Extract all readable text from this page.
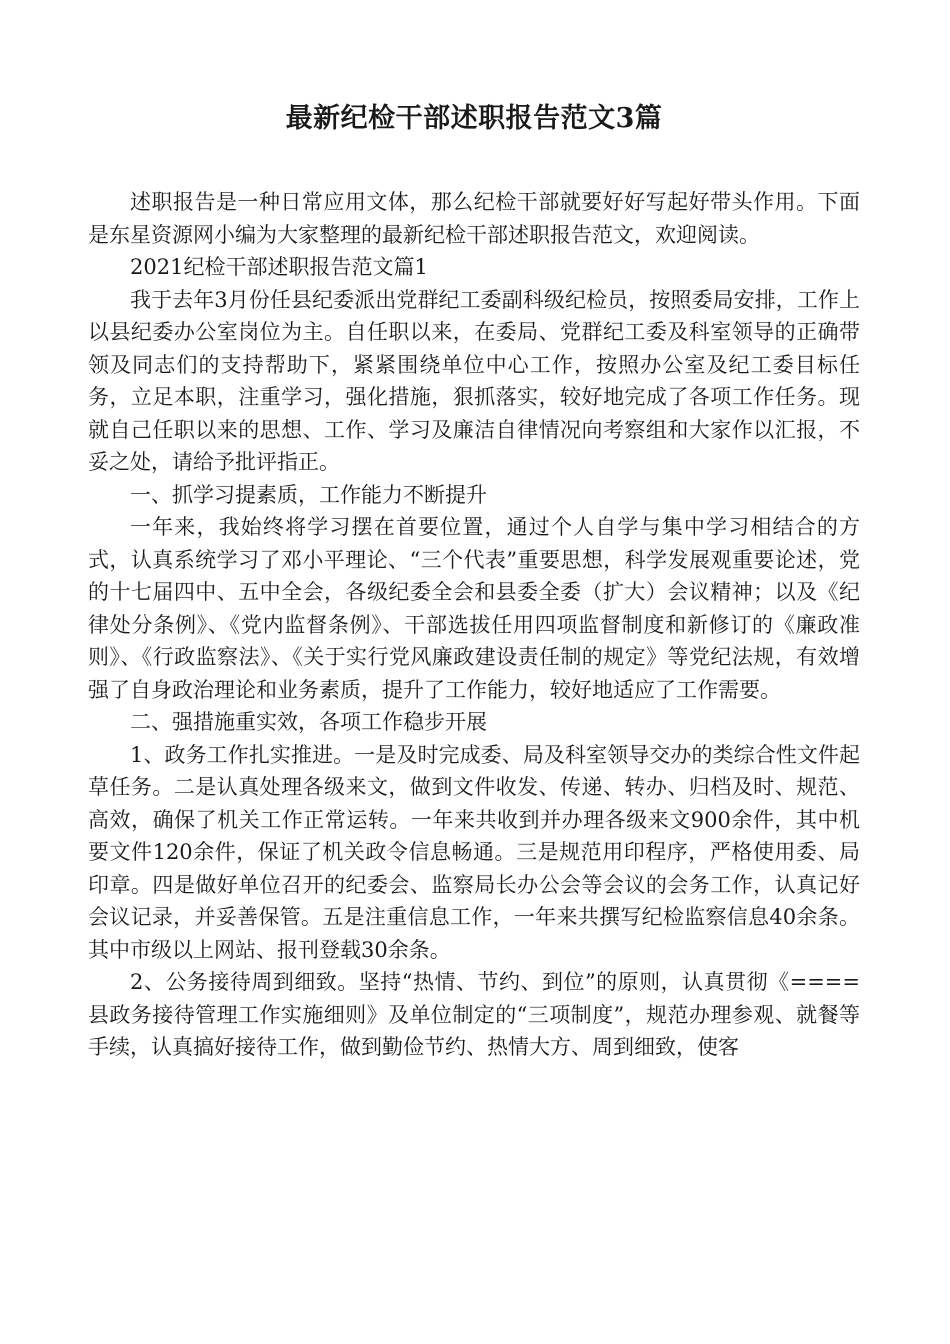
最新纪检干部述职报告范文3篇

述职报告是一种日常应用文体，那么纪检干部就要好好写起好带头作用。下面是东星资源网小编为大家整理的最新纪检干部述职报告范文，欢迎阅读。

2021纪检干部述职报告范文篇1

我于去年3月份任县纪委派出党群纪工委副科级纪检员，按照委局安排，工作上以县纪委办公室岗位为主。自任职以来，在委局、党群纪工委及科室领导的正确带领及同志们的支持帮助下，紧紧围绕单位中心工作，按照办公室及纪工委目标任务，立足本职，注重学习，强化措施，狠抓落实，较好地完成了各项工作任务。现就自己任职以来的思想、工作、学习及廉洁自律情况向考察组和大家作以汇报，不妥之处，请给予批评指正。

一、抓学习提素质，工作能力不断提升

一年来，我始终将学习摆在首要位置，通过个人自学与集中学习相结合的方式，认真系统学习了邓小平理论、“三个代表”重要思想，科学发展观重要论述，党的十七届四中、五中全会，各级纪委全会和县委全委（扩大）会议精神；以及《纪律处分条例》、《党内监督条例》、干部选拔任用四项监督制度和新修订的《廉政准则》、《行政监察法》、《关于实行党风廉政建设责任制的规定》等党纪法规，有效增强了自身政治理论和业务素质，提升了工作能力，较好地适应了工作需要。

二、强措施重实效，各项工作稳步开展

1、政务工作扎实推进。一是及时完成委、局及科室领导交办的类综合性文件起草任务。二是认真处理各级来文，做到文件收发、传递、转办、归档及时、规范、高效，确保了机关工作正常运转。一年来共收到并办理各级来文900余件，其中机要文件120余件，保证了机关政令信息畅通。三是规范用印程序，严格使用委、局印章。四是做好单位召开的纪委会、监察局长办公会等会议的会务工作，认真记好会议记录，并妥善保管。五是注重信息工作，一年来共撰写纪检监察信息40余条。其中市级以上网站、报刊登载30余条。

2、公务接待周到细致。坚持“热情、节约、到位”的原则，认真贯彻《====县政务接待管理工作实施细则》及单位制定的“三项制度”，规范办理参观、就餐等手续，认真搞好接待工作，做到勤俭节约、热情大方、周到细致，使客
